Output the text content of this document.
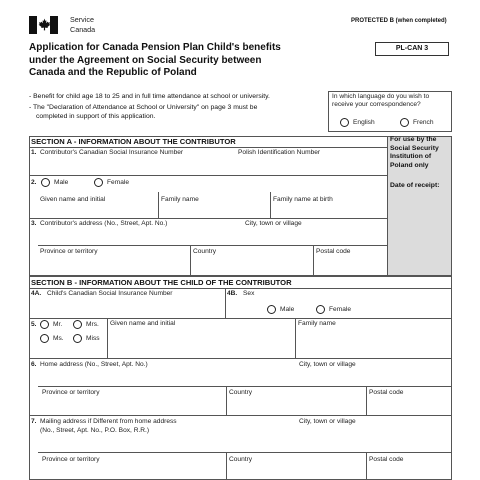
Service
Canada
PROTECTED B (when completed)
PL-CAN 3
Application for Canada Pension Plan Child's benefits
under the Agreement on Social Security between
Canada and the Republic of Poland
- Benefit for child age 18 to 25 and in full time attendance at school or university.
- The "Declaration of Attendance at School or University" on page 3 must be
completed in support of this application.
In which language do you wish to
receive your correspondence?
English	French
For use by the
Social Security
Institution of
Poland only
Date of receipt:
SECTION A - INFORMATION ABOUT THE CONTRIBUTOR
1. Contributor's Canadian Social Insurance Number	Polish Identification Number
2.	Male	Female
Given name and initial	Family name	Family name at birth
3. Contributor's address (No., Street, Apt. No.)	City, town or village
Province or territory	Country	Postal code
SECTION B - INFORMATION ABOUT THE CHILD OF THE CONTRIBUTOR
4A. Child's Canadian Social Insurance Number	4B. Sex
Male	Female
5.	Mr.	Mrs.
Ms.	Miss
Given name and initial	Family name
6. Home address (No., Street, Apt. No.)	City, town or village
Province or territory	Country	Postal code
7. Mailing address if Different from home address
(No., Street, Apt. No., P.O. Box, R.R.)
City, town or village
Province or territory	Country	Postal code
